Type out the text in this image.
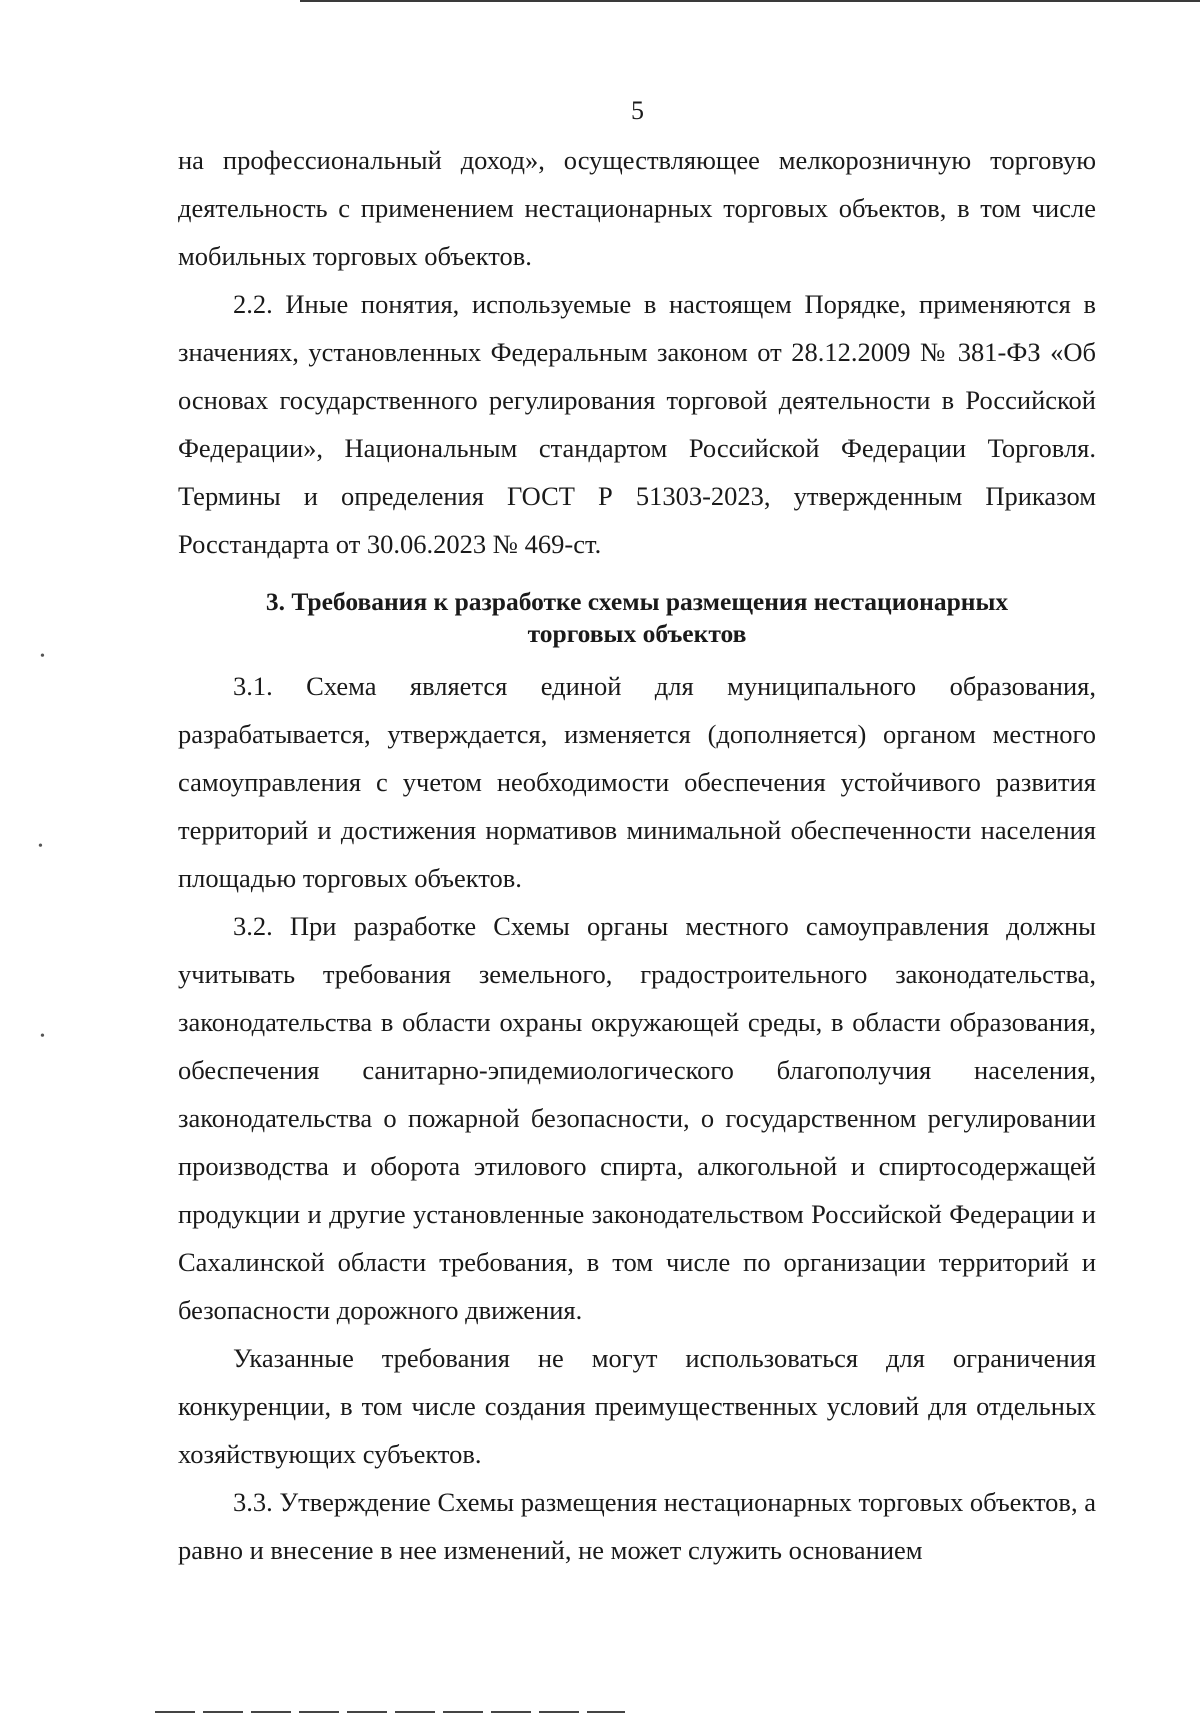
5

на профессиональный доход», осуществляющее мелкорозничную торговую деятельность с применением нестационарных торговых объектов, в том числе мобильных торговых объектов.

2.2. Иные понятия, используемые в настоящем Порядке, применяются в значениях, установленных Федеральным законом от 28.12.2009 № 381-ФЗ «Об основах государственного регулирования торговой деятельности в Российской Федерации», Национальным стандартом Российской Федерации Торговля. Термины и определения ГОСТ Р 51303-2023, утвержденным Приказом Росстандарта от 30.06.2023 № 469-ст.

3. Требования к разработке схемы размещения нестационарных
торговых объектов

3.1. Схема является единой для муниципального образования, разрабатывается, утверждается, изменяется (дополняется) органом местного самоуправления с учетом необходимости обеспечения устойчивого развития территорий и достижения нормативов минимальной обеспеченности населения площадью торговых объектов.

3.2. При разработке Схемы органы местного самоуправления должны учитывать требования земельного, градостроительного законодательства, законодательства в области охраны окружающей среды, в области образования, обеспечения санитарно-эпидемиологического благополучия населения, законодательства о пожарной безопасности, о государственном регулировании производства и оборота этилового спирта, алкогольной и спиртосодержащей продукции и другие установленные законодательством Российской Федерации и Сахалинской области требования, в том числе по организации территорий и безопасности дорожного движения.

Указанные требования не могут использоваться для ограничения конкуренции, в том числе создания преимущественных условий для отдельных хозяйствующих субъектов.

3.3. Утверждение Схемы размещения нестационарных торговых объектов, а равно и внесение в нее изменений, не может служить основанием

•
•
•
